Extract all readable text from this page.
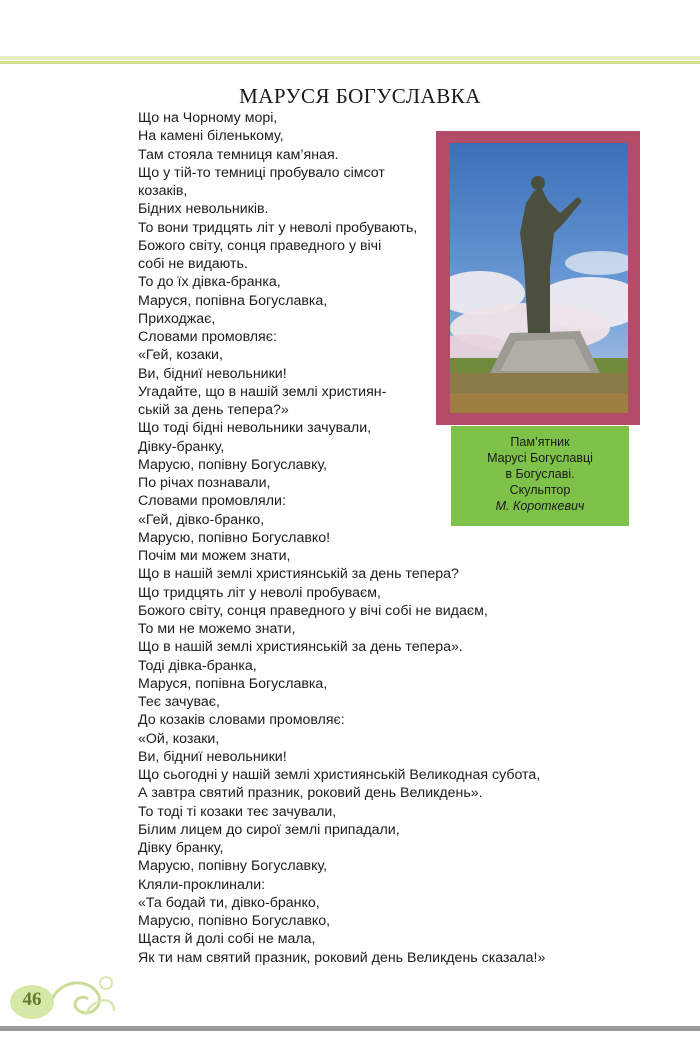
МАРУСЯ БОГУСЛАВКА
Що на Чорному морі,
На камені біленькому,
Там стояла темниця кам’яная.
Що у тій-то темниці пробувало сімсот
козаків,
Бідних невольників.
То вони тридцять літ у неволі пробувають,
Божого світу, сонця праведного у вічі
собі не видають.
То до їх дівка-бранка,
Маруся, попівна Богуславка,
Приходжає,
Словами промовляє:
«Гей, козаки,
Ви, бідниї невольники!
Угадайте, що в нашій землі християн-
ській за день тепера?»
Що тоді бідні невольники зачували,
Дівку-бранку,
Марусю, попівну Богуславку,
По річах познавали,
Словами промовляли:
«Гей, дівко-бранко,
Марусю, попівно Богуславко!
Почім ми можем знати,
Що в нашій землі християнській за день тепера?
Що тридцять літ у неволі пробуваєм,
Божого світу, сонця праведного у вічі собі не видаєм,
То ми не можемо знати,
Що в нашій землі християнській за день тепера».
Тоді дівка-бранка,
Маруся, попівна Богуславка,
Теє зачуває,
До козаків словами промовляє:
«Ой, козаки,
Ви, бідниї невольники!
Що сьогодні у нашій землі християнській Великодная субота,
А завтра святий празник, роковий день Великдень».
То тоді ті козаки теє зачували,
Білим лицем до сирої землі припадали,
Дівку бранку,
Марусю, попівну Богуславку,
Кляли-проклинали:
«Та бодай ти, дівко-бранко,
Марусю, попівно Богуславко,
Щастя й долі собі не мала,
Як ти нам святий празник, роковий день Великдень сказала!»
Пам’ятник
Марусі Богуславці
в Богуславі.
Скульптор
М. Короткевич
46
